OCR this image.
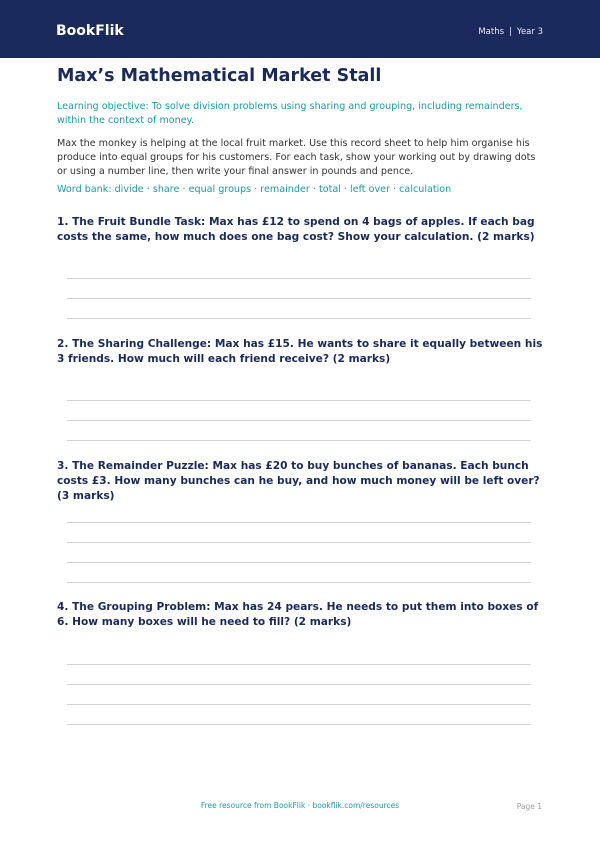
BookFlik	Maths | Year 3
Max’s Mathematical Market Stall

Learning objective: To solve division problems using sharing and grouping, including remainders, within the context of money.

Max the monkey is helping at the local fruit market. Use this record sheet to help him organise his produce into equal groups for his customers. For each task, show your working out by drawing dots or using a number line, then write your final answer in pounds and pence.

Word bank: divide · share · equal groups · remainder · total · left over · calculation

1. The Fruit Bundle Task: Max has £12 to spend on 4 bags of apples. If each bag costs the same, how much does one bag cost? Show your calculation. (2 marks)

2. The Sharing Challenge: Max has £15. He wants to share it equally between his 3 friends. How much will each friend receive? (2 marks)

3. The Remainder Puzzle: Max has £20 to buy bunches of bananas. Each bunch costs £3. How many bunches can he buy, and how much money will be left over? (3 marks)

4. The Grouping Problem: Max has 24 pears. He needs to put them into boxes of 6. How many boxes will he need to fill? (2 marks)

Free resource from BookFlik · bookflik.com/resources	Page 1
